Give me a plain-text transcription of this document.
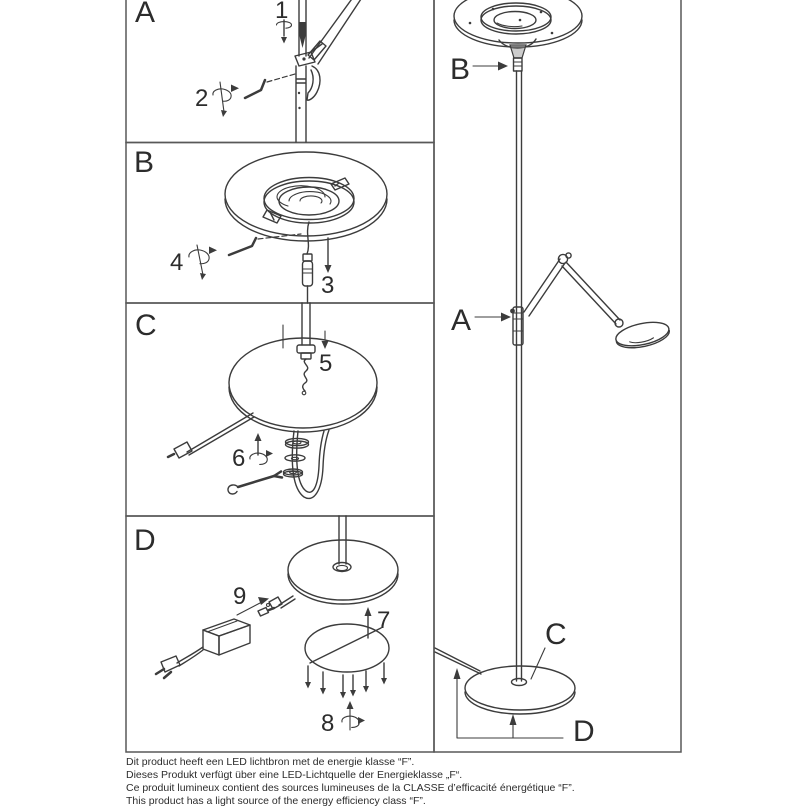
A	1
2
B
4
3
C
5
6
D
9
7
8
B
A
C
D
Dit product heeft een LED lichtbron met de energie klasse “F”.
Dieses Produkt verfügt über eine LED-Lichtquelle der Energieklasse „F“.
Ce produit lumineux contient des sources lumineuses de la CLASSE d’efficacité énergétique “F”.
This product has a light source of the energy efficiency class “F”.
